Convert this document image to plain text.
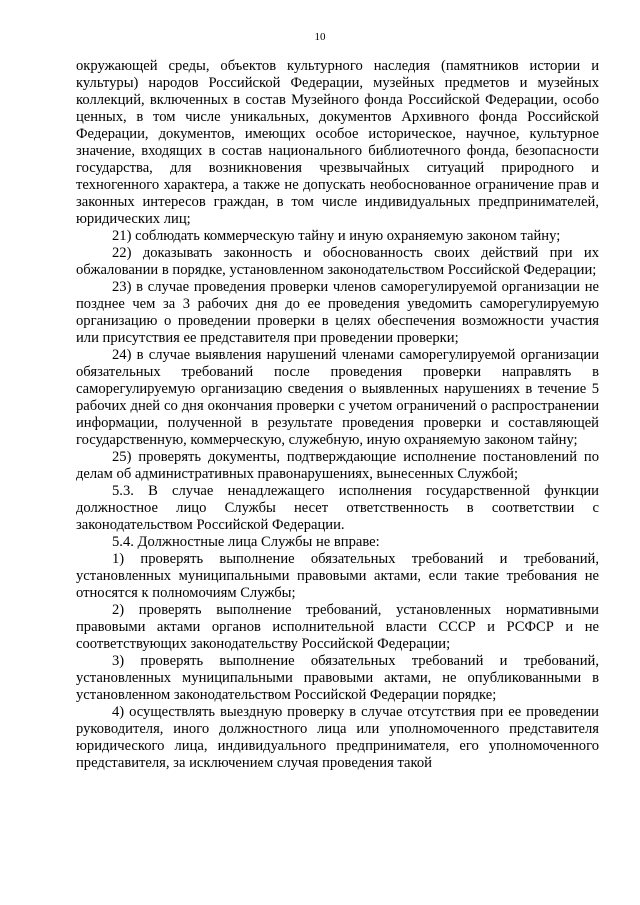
10

окружающей среды, объектов культурного наследия (памятников истории и культуры) народов Российской Федерации, музейных предметов и музейных коллекций, включенных в состав Музейного фонда Российской Федерации, особо ценных, в том числе уникальных, документов Архивного фонда Российской Федерации, документов, имеющих особое историческое, научное, культурное значение, входящих в состав национального библиотечного фонда, безопасности государства, для возникновения чрезвычайных ситуаций природного и техногенного характера, а также не допускать необоснованное ограничение прав и законных интересов граждан, в том числе индивидуальных предпринимателей, юридических лиц;

21) соблюдать коммерческую тайну и иную охраняемую законом тайну;

22) доказывать законность и обоснованность своих действий при их обжаловании в порядке, установленном законодательством Российской Федерации;

23) в случае проведения проверки членов саморегулируемой организации не позднее чем за 3 рабочих дня до ее проведения уведомить саморегулируемую организацию о проведении проверки в целях обеспечения возможности участия или присутствия ее представителя при проведении проверки;

24) в случае выявления нарушений членами саморегулируемой организации обязательных требований после проведения проверки направлять в саморегулируемую организацию сведения о выявленных нарушениях в течение 5 рабочих дней со дня окончания проверки с учетом ограничений о распространении информации, полученной в результате проведения проверки и составляющей государственную, коммерческую, служебную, иную охраняемую законом тайну;

25) проверять документы, подтверждающие исполнение постановлений по делам об административных правонарушениях, вынесенных Службой;

5.3. В случае ненадлежащего исполнения государственной функции должностное лицо Службы несет ответственность в соответствии с законодательством Российской Федерации.

5.4. Должностные лица Службы не вправе:

1) проверять выполнение обязательных требований и требований, установленных муниципальными правовыми актами, если такие требования не относятся к полномочиям Службы;

2) проверять выполнение требований, установленных нормативными правовыми актами органов исполнительной власти СССР и РСФСР и не соответствующих законодательству Российской Федерации;

3) проверять выполнение обязательных требований и требований, установленных муниципальными правовыми актами, не опубликованными в установленном законодательством Российской Федерации порядке;

4) осуществлять выездную проверку в случае отсутствия при ее проведении руководителя, иного должностного лица или уполномоченного представителя юридического лица, индивидуального предпринимателя, его уполномоченного представителя, за исключением случая проведения такой
